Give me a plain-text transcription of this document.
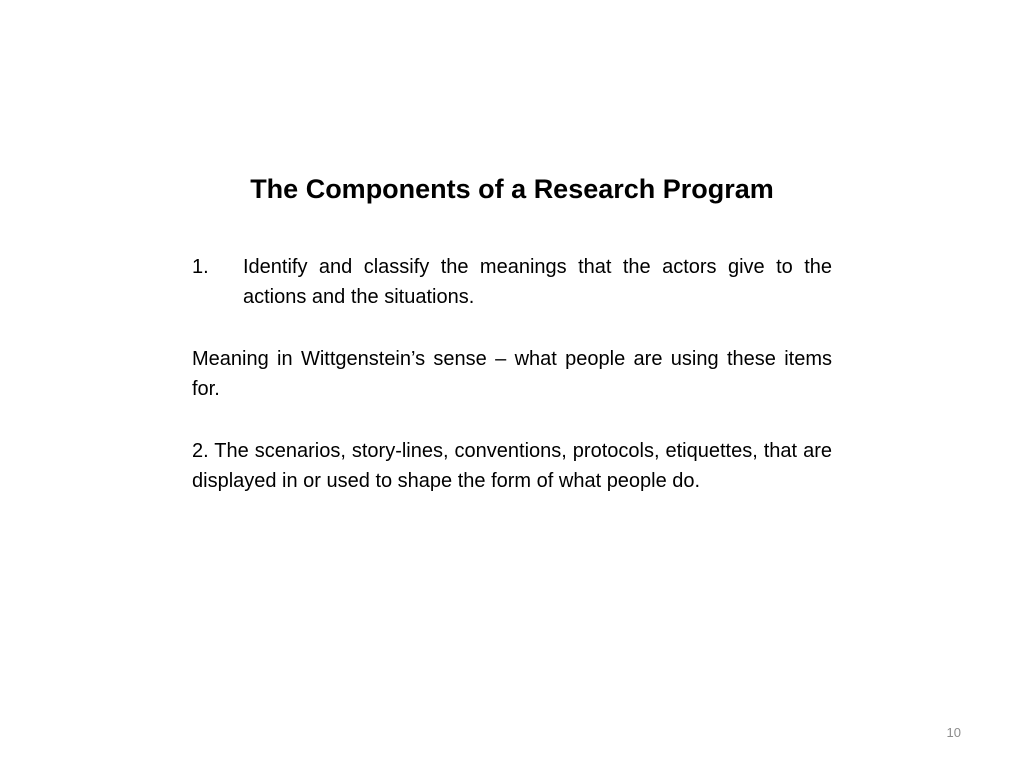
The Components of a Research Program
1.	Identify and classify the meanings that the actors give to the actions and the situations.
Meaning in Wittgenstein’s sense – what people are using these items for.
2. The scenarios, story-lines, conventions, protocols, etiquettes, that are displayed in or used to shape the form of what people do.
10
